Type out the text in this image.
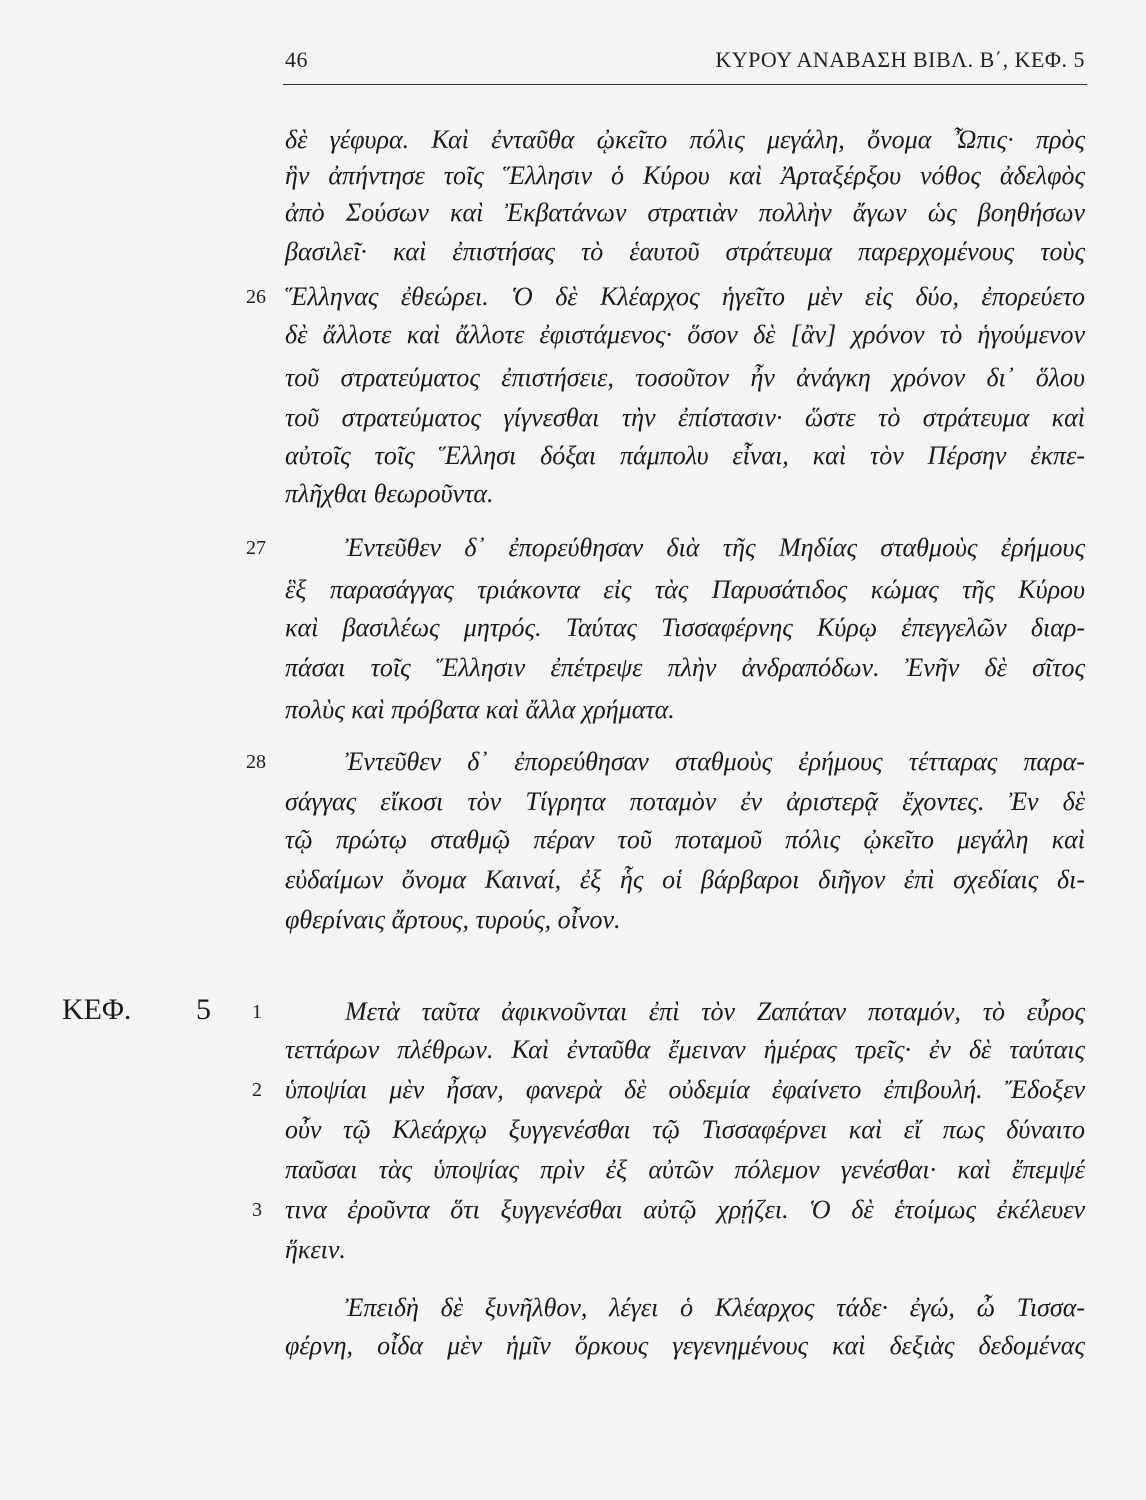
46	ΚΥΡΟΥ ΑΝΑΒΑΣΗ ΒΙΒΛ. Β΄, ΚΕΦ. 5
ΚΕΦ. 5
26
27
28
1
2
3
δὲ γέφυρα. Καὶ ἐνταῦθα ᾠκεῖτο πόλις μεγάλη, ὄνομα Ὦπις· πρὸς
ἣν ἀπήντησε τοῖς Ἕλλησιν ὁ Κύρου καὶ Ἀρταξέρξου νόθος ἀδελφὸς
ἀπὸ Σούσων καὶ Ἐκβατάνων στρατιὰν πολλὴν ἄγων ὡς βοηθήσων
βασιλεῖ· καὶ ἐπιστήσας τὸ ἑαυτοῦ στράτευμα παρερχομένους τοὺς
Ἕλληνας ἐθεώρει. Ὁ δὲ Κλέαρχος ἡγεῖτο μὲν εἰς δύο, ἐπορεύετο
δὲ ἄλλοτε καὶ ἄλλοτε ἐφιστάμενος· ὅσον δὲ [ἂν] χρόνον τὸ ἡγούμενον
τοῦ στρατεύματος ἐπιστήσειε, τοσοῦτον ἦν ἀνάγκη χρόνον δι᾿ ὅλου
τοῦ στρατεύματος γίγνεσθαι τὴν ἐπίστασιν· ὥστε τὸ στράτευμα καὶ
αὐτοῖς τοῖς Ἕλλησι δόξαι πάμπολυ εἶναι, καὶ τὸν Πέρσην ἐκπε-
πλῆχθαι θεωροῦντα.
Ἐντεῦθεν δ᾿ ἐπορεύθησαν διὰ τῆς Μηδίας σταθμοὺς ἐρήμους
ἓξ παρασάγγας τριάκοντα εἰς τὰς Παρυσάτιδος κώμας τῆς Κύρου
καὶ βασιλέως μητρός. Ταύτας Τισσαφέρνης Κύρῳ ἐπεγγελῶν διαρ-
πάσαι τοῖς Ἕλλησιν ἐπέτρεψε πλὴν ἀνδραπόδων. Ἐνῆν δὲ σῖτος
πολὺς καὶ πρόβατα καὶ ἄλλα χρήματα.
Ἐντεῦθεν δ᾿ ἐπορεύθησαν σταθμοὺς ἐρήμους τέτταρας παρα-
σάγγας εἴκοσι τὸν Τίγρητα ποταμὸν ἐν ἀριστερᾷ ἔχοντες. Ἐν δὲ
τῷ πρώτῳ σταθμῷ πέραν τοῦ ποταμοῦ πόλις ᾠκεῖτο μεγάλη καὶ
εὐδαίμων ὄνομα Καιναί, ἐξ ἧς οἱ βάρβαροι διῆγον ἐπὶ σχεδίαις δι-
φθερίναις ἄρτους, τυρούς, οἶνον.
Μετὰ ταῦτα ἀφικνοῦνται ἐπὶ τὸν Ζαπάταν ποταμόν, τὸ εὖρος
τεττάρων πλέθρων. Καὶ ἐνταῦθα ἔμειναν ἡμέρας τρεῖς· ἐν δὲ ταύταις
ὑποψίαι μὲν ἦσαν, φανερὰ δὲ οὐδεμία ἐφαίνετο ἐπιβουλή. Ἔδοξεν
οὖν τῷ Κλεάρχῳ ξυγγενέσθαι τῷ Τισσαφέρνει καὶ εἴ πως δύναιτο
παῦσαι τὰς ὑποψίας πρὶν ἐξ αὐτῶν πόλεμον γενέσθαι· καὶ ἔπεμψέ
τινα ἐροῦντα ὅτι ξυγγενέσθαι αὐτῷ χρῄζει. Ὁ δὲ ἑτοίμως ἐκέλευεν
ἥκειν.
Ἐπειδὴ δὲ ξυνῆλθον, λέγει ὁ Κλέαρχος τάδε· ἐγώ, ὦ Τισσα-
φέρνη, οἶδα μὲν ἡμῖν ὅρκους γεγενημένους καὶ δεξιὰς δεδομένας
